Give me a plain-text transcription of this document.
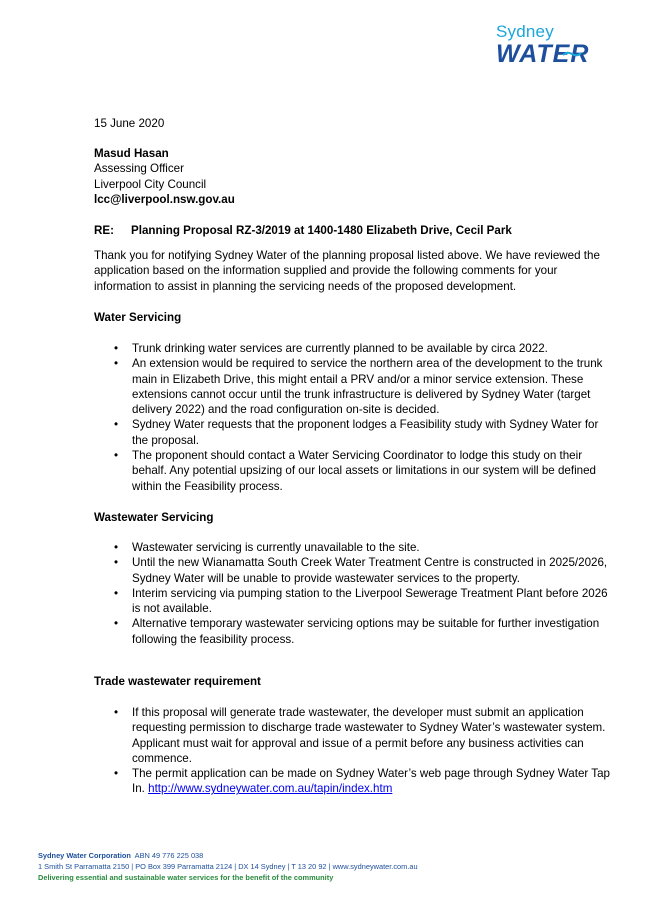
Sydney
WATER

15 June 2020

Masud Hasan

Assessing Officer

Liverpool City Council

lcc@liverpool.nsw.gov.au

RE: Planning Proposal RZ-3/2019 at 1400-1480 Elizabeth Drive, Cecil Park

Thank you for notifying Sydney Water of the planning proposal listed above. We have reviewed the application based on the information supplied and provide the following comments for your information to assist in planning the servicing needs of the proposed development.

Water Servicing

• Trunk drinking water services are currently planned to be available by circa 2022.
• An extension would be required to service the northern area of the development to the trunk main in Elizabeth Drive, this might entail a PRV and/or a minor service extension. These extensions cannot occur until the trunk infrastructure is delivered by Sydney Water (target delivery 2022) and the road configuration on-site is decided.
• Sydney Water requests that the proponent lodges a Feasibility study with Sydney Water for the proposal.
• The proponent should contact a Water Servicing Coordinator to lodge this study on their behalf. Any potential upsizing of our local assets or limitations in our system will be defined within the Feasibility process.

Wastewater Servicing

• Wastewater servicing is currently unavailable to the site.
• Until the new Wianamatta South Creek Water Treatment Centre is constructed in 2025/2026, Sydney Water will be unable to provide wastewater services to the property.
• Interim servicing via pumping station to the Liverpool Sewerage Treatment Plant before 2026 is not available.
• Alternative temporary wastewater servicing options may be suitable for further investigation following the feasibility process.

Trade wastewater requirement

• If this proposal will generate trade wastewater, the developer must submit an application requesting permission to discharge trade wastewater to Sydney Water’s wastewater system. Applicant must wait for approval and issue of a permit before any business activities can commence.
• The permit application can be made on Sydney Water’s web page through Sydney Water Tap In. http://www.sydneywater.com.au/tapin/index.htm
Sydney Water Corporation ABN 49 776 225 038
1 Smith St Parramatta 2150 | PO Box 399 Parramatta 2124 | DX 14 Sydney | T 13 20 92 | www.sydneywater.com.au
Delivering essential and sustainable water services for the benefit of the community
